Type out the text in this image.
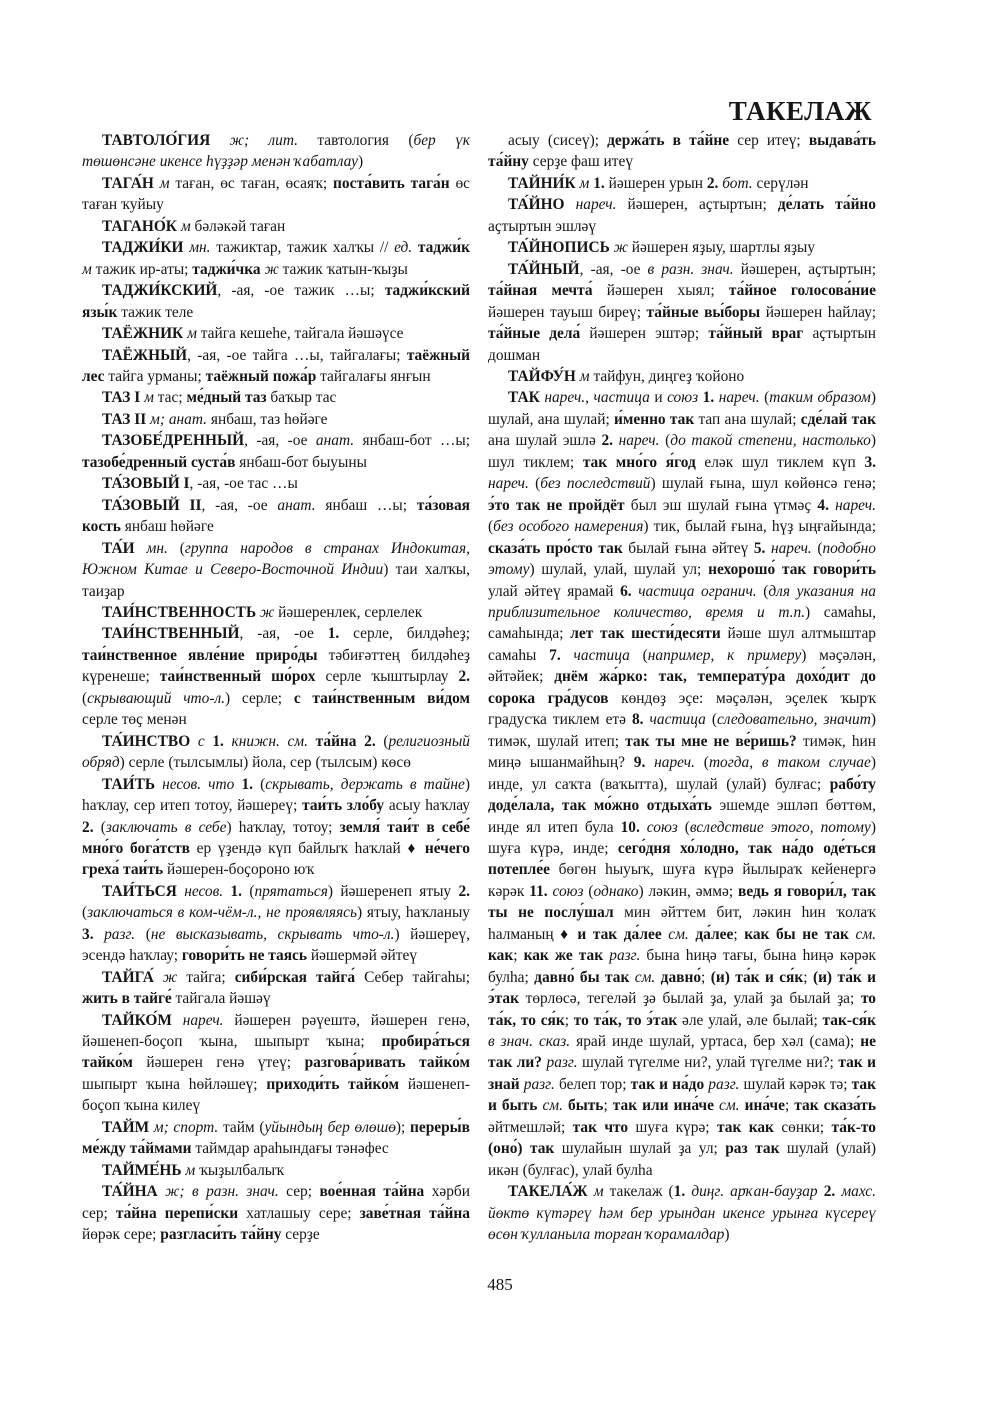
ТАКЕЛАЖ

ТАВТОЛО́ГИЯ ж; лит. тавтология (бер үк төшөнсәне икенсе һүҙҙәр менән ҡабатлау)

ТАГА́Н м таған, өс таған, өсаяҡ; поста́вить тага́н өс таған ҡуйыу

ТАГАНО́К м бәләкәй таған

ТАДЖИ́КИ мн. тажиктар, тажик халҡы // ед. таджи́к м тажик ир-аты; таджи́чка ж тажик ҡатын-ҡыҙы

ТАДЖИ́КСКИЙ, -ая, -ое тажик …ы; таджи́кский язы́к тажик теле

ТАЁЖНИК м тайга кешеһе, тайгала йәшәүсе

ТАЁЖНЫЙ, -ая, -ое тайга …ы, тайгалағы; таёжный лес тайга урманы; таёжный пожа́р тайгалағы янғын

ТАЗ I м тас; ме́дный таз баҡыр тас

ТАЗ II м; анат. янбаш, таз һөйәге

ТАЗОБЕ́ДРЕННЫЙ, -ая, -ое анат. янбаш-бот …ы; тазобе́дренный суста́в янбаш-бот быуыны

ТА́ЗОВЫЙ I, -ая, -ое тас …ы

ТА́ЗОВЫЙ II, -ая, -ое анат. янбаш …ы; та́зовая кость янбаш һөйәге

ТА́И мн. (группа народов в странах Индокитая, Южном Китае и Северо-Восточной Индии) таи халҡы, таиҙар

ТАИ́НСТВЕННОСТЬ ж йәшеренлек, серлелек

ТАИ́НСТВЕННЫЙ, -ая, -ое 1. серле, билдәһеҙ; таи́нственное явле́ние приро́ды тәбиғәттең билдәһеҙ күренеше; таи́нственный шо́рох серле ҡыштырлау 2. (скрывающий что-л.) серле; с таи́нственным ви́дом серле төҫ менән

ТА́ИНСТВО с 1. книжн. см. та́йна 2. (религиозный обряд) серле (тылсымлы) йола, сер (тылсым) көсө

ТАИ́ТЬ несов. что 1. (скрывать, держать в тайне) һаҡлау, сер итеп тотоу, йәшереү; таи́ть зло́бу асыу һаҡлау 2. (заключать в себе) һаҡлау, тотоу; земля́ таи́т в себе́ мно́го бога́тств ер үҙендә күп байлыҡ һаҡлай ♦ не́чего греха́ таи́ть йәшерен-боҫороно юҡ

ТАИ́ТЬСЯ несов. 1. (прятаться) йәшеренеп ятыу 2. (заключаться в ком-чём-л., не проявляясь) ятыу, һаҡланыу 3. разг. (не высказывать, скрывать что-л.) йәшереү, эсендә һаҡлау; говори́ть не таясь йәшермәй әйтеү

ТАЙГА́ ж тайга; сиби́рская тайга́ Себер тайгаһы; жить в тайге́ тайгала йәшәү

ТАЙКО́М нареч. йәшерен рәүештә, йәшерен генә, йәшенеп-боҫоп ҡына, шыпырт ҡына; пробира́ться тайко́м йәшерен генә үтеү; разгова́ривать тайко́м шыпырт ҡына һөйләшеү; приходи́ть тайко́м йәшенеп-боҫоп ҡына килеү

ТАЙМ м; спорт. тайм (уйындың бер өлөшө); переры́в ме́жду та́ймами таймдар араһындағы тәнәфес

ТАЙМЕ́НЬ м ҡыҙылбалыҡ

ТА́ЙНА ж; в разн. знач. сер; вое́нная та́йна хәрби сер; та́йна перепи́ски хатлашыу сере; заве́тная та́йна йөрәк сере; разгласи́ть та́йну серҙе

асыу (сисеү); держа́ть в та́йне сер итеү; выдава́ть та́йну серҙе фаш итеү

ТАЙНИ́К м 1. йәшерен урын 2. бот. серүлән

ТА́ЙНО нареч. йәшерен, аҫтыртын; де́лать та́йно аҫтыртын эшләү

ТА́ЙНОПИСЬ ж йәшерен яҙыу, шартлы яҙыу

ТА́ЙНЫЙ, -ая, -ое в разн. знач. йәшерен, аҫтыртын; та́йная мечта́ йәшерен хыял; та́йное голосова́ние йәшерен тауыш биреү; та́йные вы́боры йәшерен һайлау; та́йные дела́ йәшерен эштәр; та́йный враг аҫтыртын дошман

ТАЙФУ́Н м тайфун, диңгеҙ ҡойоно

ТАК нареч., частица и союз 1. нареч. (таким образом) шулай, ана шулай; и́менно так тап ана шулай; сде́лай так ана шулай эшлә 2. нареч. (до такой степени, настолько) шул тиклем; так мно́го я́год еләк шул тиклем күп 3. нареч. (без последствий) шулай ғына, шул көйөнсә генә; э́то так не пройдёт был эш шулай ғына үтмәҫ 4. нареч. (без особого намерения) тик, былай ғына, һүҙ ыңғайында; сказа́ть про́сто так былай ғына әйтеү 5. нареч. (подобно этому) шулай, улай, шулай ул; нехорошо́ так говори́ть улай әйтеү ярамай 6. частица огранич. (для указания на приблизительное количество, время и т.п.) самаһы, самаһында; лет так шести́десяти йәше шул алтмыштар самаһы 7. частица (например, к примеру) мәҫәлән, әйтәйек; днём жа́рко: так, температу́ра дохо́дит до сорока гра́дусов көндөҙ эҫе: мәҫәлән, эҫелек ҡырҡ градусҡа тиклем етә 8. частица (следовательно, значит) тимәк, шулай итеп; так ты мне не ве́ришь? тимәк, һин миңә ышанмайһың? 9. нареч. (тогда, в таком случае) инде, ул саҡта (ваҡытта), шулай (улай) булғас; рабо́ту доде́лала, так мо́жно отдыха́ть эшемде эшләп бөттөм, инде ял итеп була 10. союз (вследствие этого, потому) шуға күрә, инде; сего́дня хо́лодно, так на́до оде́ться потепле́е бөгөн һыуыҡ, шуға күрә йылыраҡ кейенергә кәрәк 11. союз (однако) ләкин, әммә; ведь я говори́л, так ты не послу́шал мин әйттем бит, ләкин һин ҡолаҡ һалманың ♦ и так да́лее см. да́лее; как бы не так см. как; как же так разг. бына һиңә тағы, бына һиңә кәрәк булһа; давно́ бы так см. давно́; (и) та́к и ся́к; (и) та́к и э́так төрлөсә, тегеләй ҙә былай ҙа, улай ҙа былай ҙа; то та́к, то ся́к; то та́к, то э́так әле улай, әле былай; так-ся́к в знач. сказ. ярай инде шулай, уртаса, бер хәл (сама); не так ли? разг. шулай түгелме ни?, улай түгелме ни?; так и знай разг. белеп тор; так и на́до разг. шулай кәрәк тә; так и быть см. быть; так или ина́че см. ина́че; так сказа́ть әйтмешләй; так что шуға күрә; так как сөнки; та́к-то (оно́) так шулайын шулай ҙа ул; раз так шулай (улай) икән (булғас), улай булһа

ТАКЕЛА́Ж м такелаж (1. диңг. арҡан-бауҙар 2. махс. йөктө күтәреү һәм бер урындан икенсе урынға күсереү өсөн ҡулланыла торған ҡорамалдар)

485
